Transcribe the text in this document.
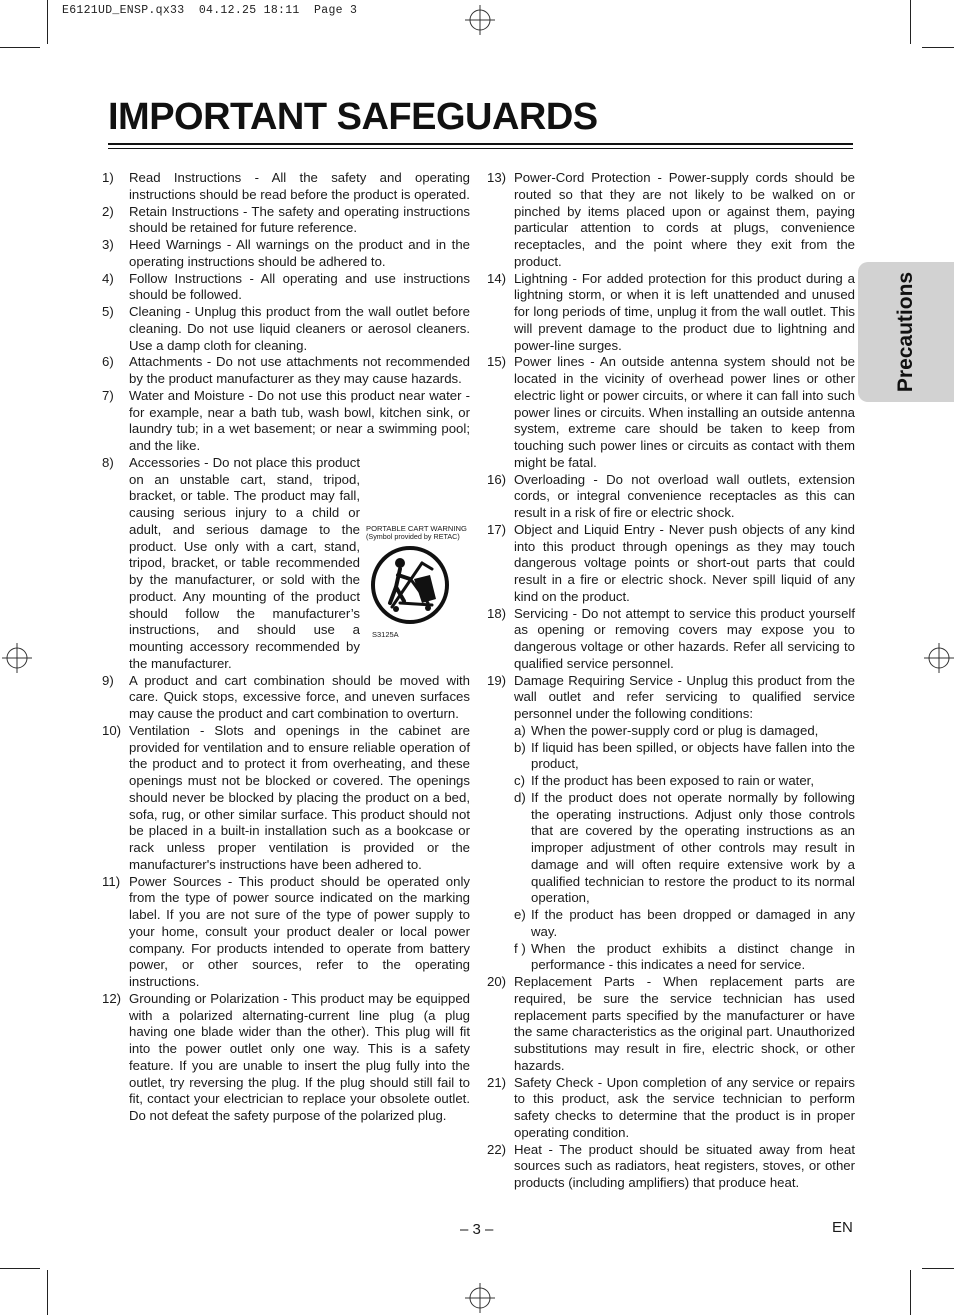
E6121UD_ENSP.qx33  04.12.25 18:11  Page 3
IMPORTANT SAFEGUARDS
1) Read Instructions - All the safety and operating instructions should be read before the product is operated.
2) Retain Instructions - The safety and operating instructions should be retained for future reference.
3) Heed Warnings - All warnings on the product and in the operating instructions should be adhered to.
4) Follow Instructions - All operating and use instructions should be followed.
5) Cleaning - Unplug this product from the wall outlet before cleaning. Do not use liquid cleaners or aerosol cleaners. Use a damp cloth for cleaning.
6) Attachments - Do not use attachments not recommended by the product manufacturer as they may cause hazards.
7) Water and Moisture - Do not use this product near water - for example, near a bath tub, wash bowl, kitchen sink, or laundry tub; in a wet basement; or near a swimming pool; and the like.
8)
PORTABLE CART WARNING
(Symbol provided by RETAC)
S3125A
Accessories - Do not place this product on an unstable cart, stand, tripod, bracket, or table. The product may fall, causing serious injury to a child or adult, and serious damage to the product. Use only with a cart, stand, tripod, bracket, or table recommended by the manufacturer, or sold with the product. Any mounting of the product should follow the manufacturer’s instructions, and should use a mounting accessory recommended by the manufacturer.
9) A product and cart combination should be moved with care. Quick stops, excessive force, and uneven surfaces may cause the product and cart combination to overturn.
10) Ventilation - Slots and openings in the cabinet are provided for ventilation and to ensure reliable operation of the product and to protect it from overheating, and these openings must not be blocked or covered. The openings should never be blocked by placing the product on a bed, sofa, rug, or other similar surface. This product should not be placed in a built-in installation such as a bookcase or rack unless proper ventilation is provided or the manufacturer's instructions have been adhered to.
11) Power Sources - This product should be operated only from the type of power source indicated on the marking label. If you are not sure of the type of power supply to your home, consult your product dealer or local power company. For products intended to operate from battery power, or other sources, refer to the operating instructions.
12) Grounding or Polarization - This product may be equipped with a polarized alternating-current line plug (a plug having one blade wider than the other). This plug will fit into the power outlet only one way. This is a safety feature. If you are unable to insert the plug fully into the outlet, try reversing the plug. If the plug should still fail to fit, contact your electrician to replace your obsolete outlet. Do not defeat the safety purpose of the polarized plug.
13) Power-Cord Protection - Power-supply cords should be routed so that they are not likely to be walked on or pinched by items placed upon or against them, paying particular attention to cords at plugs, convenience receptacles, and the point where they exit from the product.
14) Lightning - For added protection for this product during a lightning storm, or when it is left unattended and unused for long periods of time, unplug it from the wall outlet. This will prevent damage to the product due to lightning and power-line surges.
15) Power lines - An outside antenna system should not be located in the vicinity of overhead power lines or other electric light or power circuits, or where it can fall into such power lines or circuits. When installing an outside antenna system, extreme care should be taken to keep from touching such power lines or circuits as contact with them might be fatal.
16) Overloading - Do not overload wall outlets, extension cords, or integral convenience receptacles as this can result in a risk of fire or electric shock.
17) Object and Liquid Entry - Never push objects of any kind into this product through openings as they may touch dangerous voltage points or short-out parts that could result in a fire or electric shock. Never spill liquid of any kind on the product.
18) Servicing - Do not attempt to service this product yourself as opening or removing covers may expose you to dangerous voltage or other hazards. Refer all servicing to qualified service personnel.
19) Damage Requiring Service - Unplug this product from the wall outlet and refer servicing to qualified service personnel under the following conditions:
a) When the power-supply cord or plug is damaged,
b) If liquid has been spilled, or objects have fallen into the product,
c) If the product has been exposed to rain or water,
d) If the product does not operate normally by following the operating instructions. Adjust only those controls that are covered by the operating instructions as an improper adjustment of other controls may result in damage and will often require extensive work by a qualified technician to restore the product to its normal operation,
e) If the product has been dropped or damaged in any way.
f ) When the product exhibits a distinct change in performance - this indicates a need for service.
20) Replacement Parts - When replacement parts are required, be sure the service technician has used replacement parts specified by the manufacturer or have the same characteristics as the original part. Unauthorized substitutions may result in fire, electric shock, or other hazards.
21) Safety Check - Upon completion of any service or repairs to this product, ask the service technician to perform safety checks to determine that the product is in proper operating condition.
22) Heat - The product should be situated away from heat sources such as radiators, heat registers, stoves, or other products (including amplifiers) that produce heat.
Precautions
– 3 –	EN
